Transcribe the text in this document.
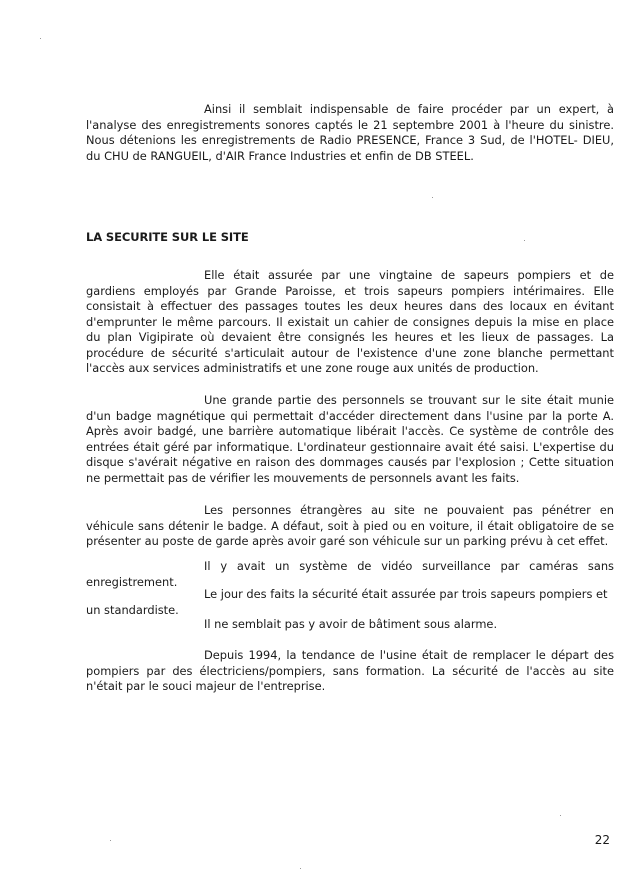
Ainsi il semblait indispensable de faire procéder par un expert, à l'analyse des enregistrements sonores captés le 21 septembre 2001 à l'heure du sinistre. Nous détenions les enregistrements de Radio PRESENCE, France 3 Sud, de l'HOTEL- DIEU, du CHU de RANGUEIL, d'AIR France Industries et enfin de DB STEEL.

LA SECURITE SUR LE SITE

Elle était assurée par une vingtaine de sapeurs pompiers et de gardiens employés par Grande Paroisse, et trois sapeurs pompiers intérimaires. Elle consistait à effectuer des passages toutes les deux heures dans des locaux en évitant d'emprunter le même parcours. Il existait un cahier de consignes depuis la mise en place du plan Vigipirate où devaient être consignés les heures et les lieux de passages. La procédure de sécurité s'articulait autour de l'existence d'une zone blanche permettant l'accès aux services administratifs et une zone rouge aux unités de production.

Une grande partie des personnels se trouvant sur le site était munie d'un badge magnétique qui permettait d'accéder directement dans l'usine par la porte A. Après avoir badgé, une barrière automatique libérait l'accès. Ce système de contrôle des entrées était géré par informatique. L'ordinateur gestionnaire avait été saisi. L'expertise du disque s'avérait négative en raison des dommages causés par l'explosion ; Cette situation ne permettait pas de vérifier les mouvements de personnels avant les faits.

Les personnes étrangères au site ne pouvaient pas pénétrer en véhicule sans détenir le badge. A défaut, soit à pied ou en voiture, il était obligatoire de se présenter au poste de garde après avoir garé son véhicule sur un parking prévu à cet effet.

Il y avait un système de vidéo surveillance par caméras sans

enregistrement.

Le jour des faits la sécurité était assurée par trois sapeurs pompiers et

un standardiste.

Il ne semblait pas y avoir de bâtiment sous alarme.

Depuis 1994, la tendance de l'usine était de remplacer le départ des pompiers par des électriciens/pompiers, sans formation. La sécurité de l'accès au site n'était par le souci majeur de l'entreprise.

22
